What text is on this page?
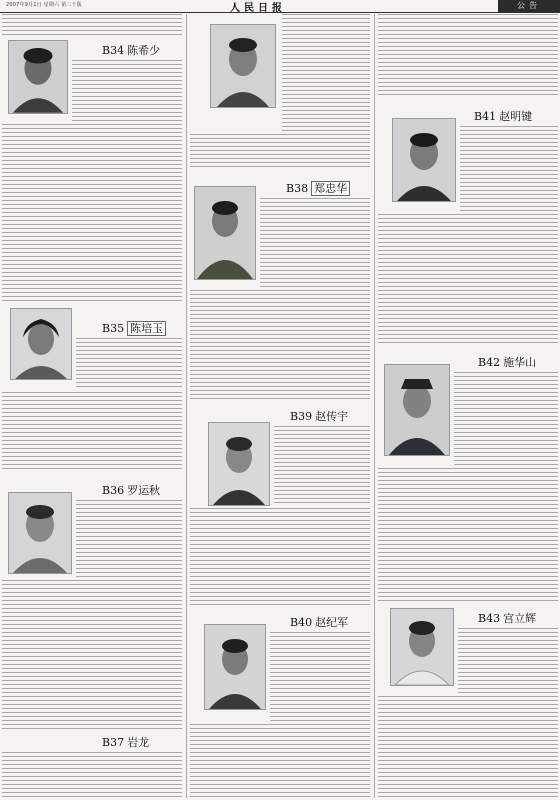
2007年9月1日 星期六 第二十版	人民日报	公告
B34 陈希少
B35 陈培玉
B36 罗运秋
B37 岩龙
B38 郑忠华
B39 赵传宇
B40 赵纪军
B41 赵明键
B42 施华山
B43 宫立辉
